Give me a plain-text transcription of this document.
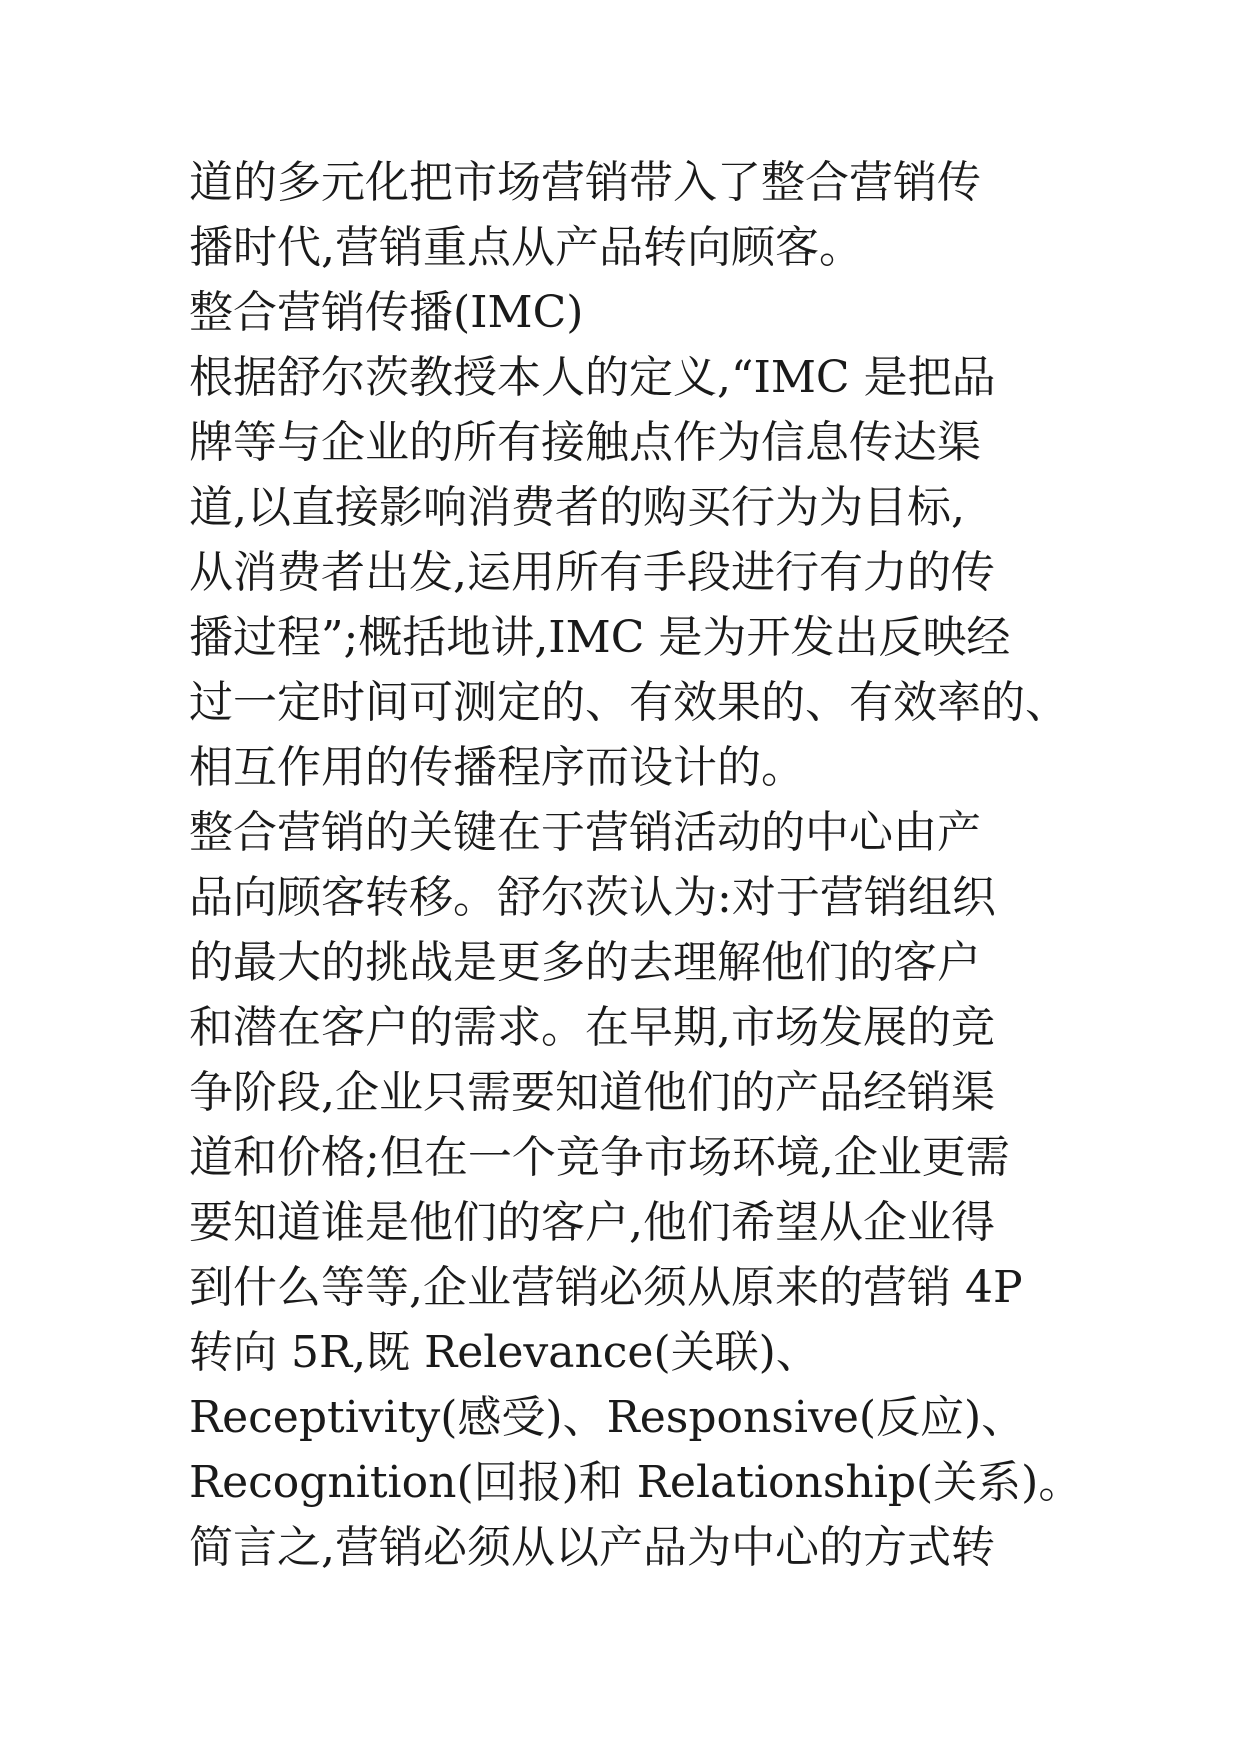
道的多元化把市场营销带入了整合营销传
播时代,营销重点从产品转向顾客。
整合营销传播(IMC)
根据舒尔茨教授本人的定义,“IMC 是把品
牌等与企业的所有接触点作为信息传达渠
道,以直接影响消费者的购买行为为目标,
从消费者出发,运用所有手段进行有力的传
播过程”;概括地讲,IMC 是为开发出反映经
过一定时间可测定的、有效果的、有效率的、
相互作用的传播程序而设计的。
整合营销的关键在于营销活动的中心由产
品向顾客转移。舒尔茨认为:对于营销组织
的最大的挑战是更多的去理解他们的客户
和潜在客户的需求。在早期,市场发展的竞
争阶段,企业只需要知道他们的产品经销渠
道和价格;但在一个竞争市场环境,企业更需
要知道谁是他们的客户,他们希望从企业得
到什么等等,企业营销必须从原来的营销 4P
转向 5R,既 Relevance(关联)、
Receptivity(感受)、Responsive(反应)、
Recognition(回报)和 Relationship(关系)。
简言之,营销必须从以产品为中心的方式转
